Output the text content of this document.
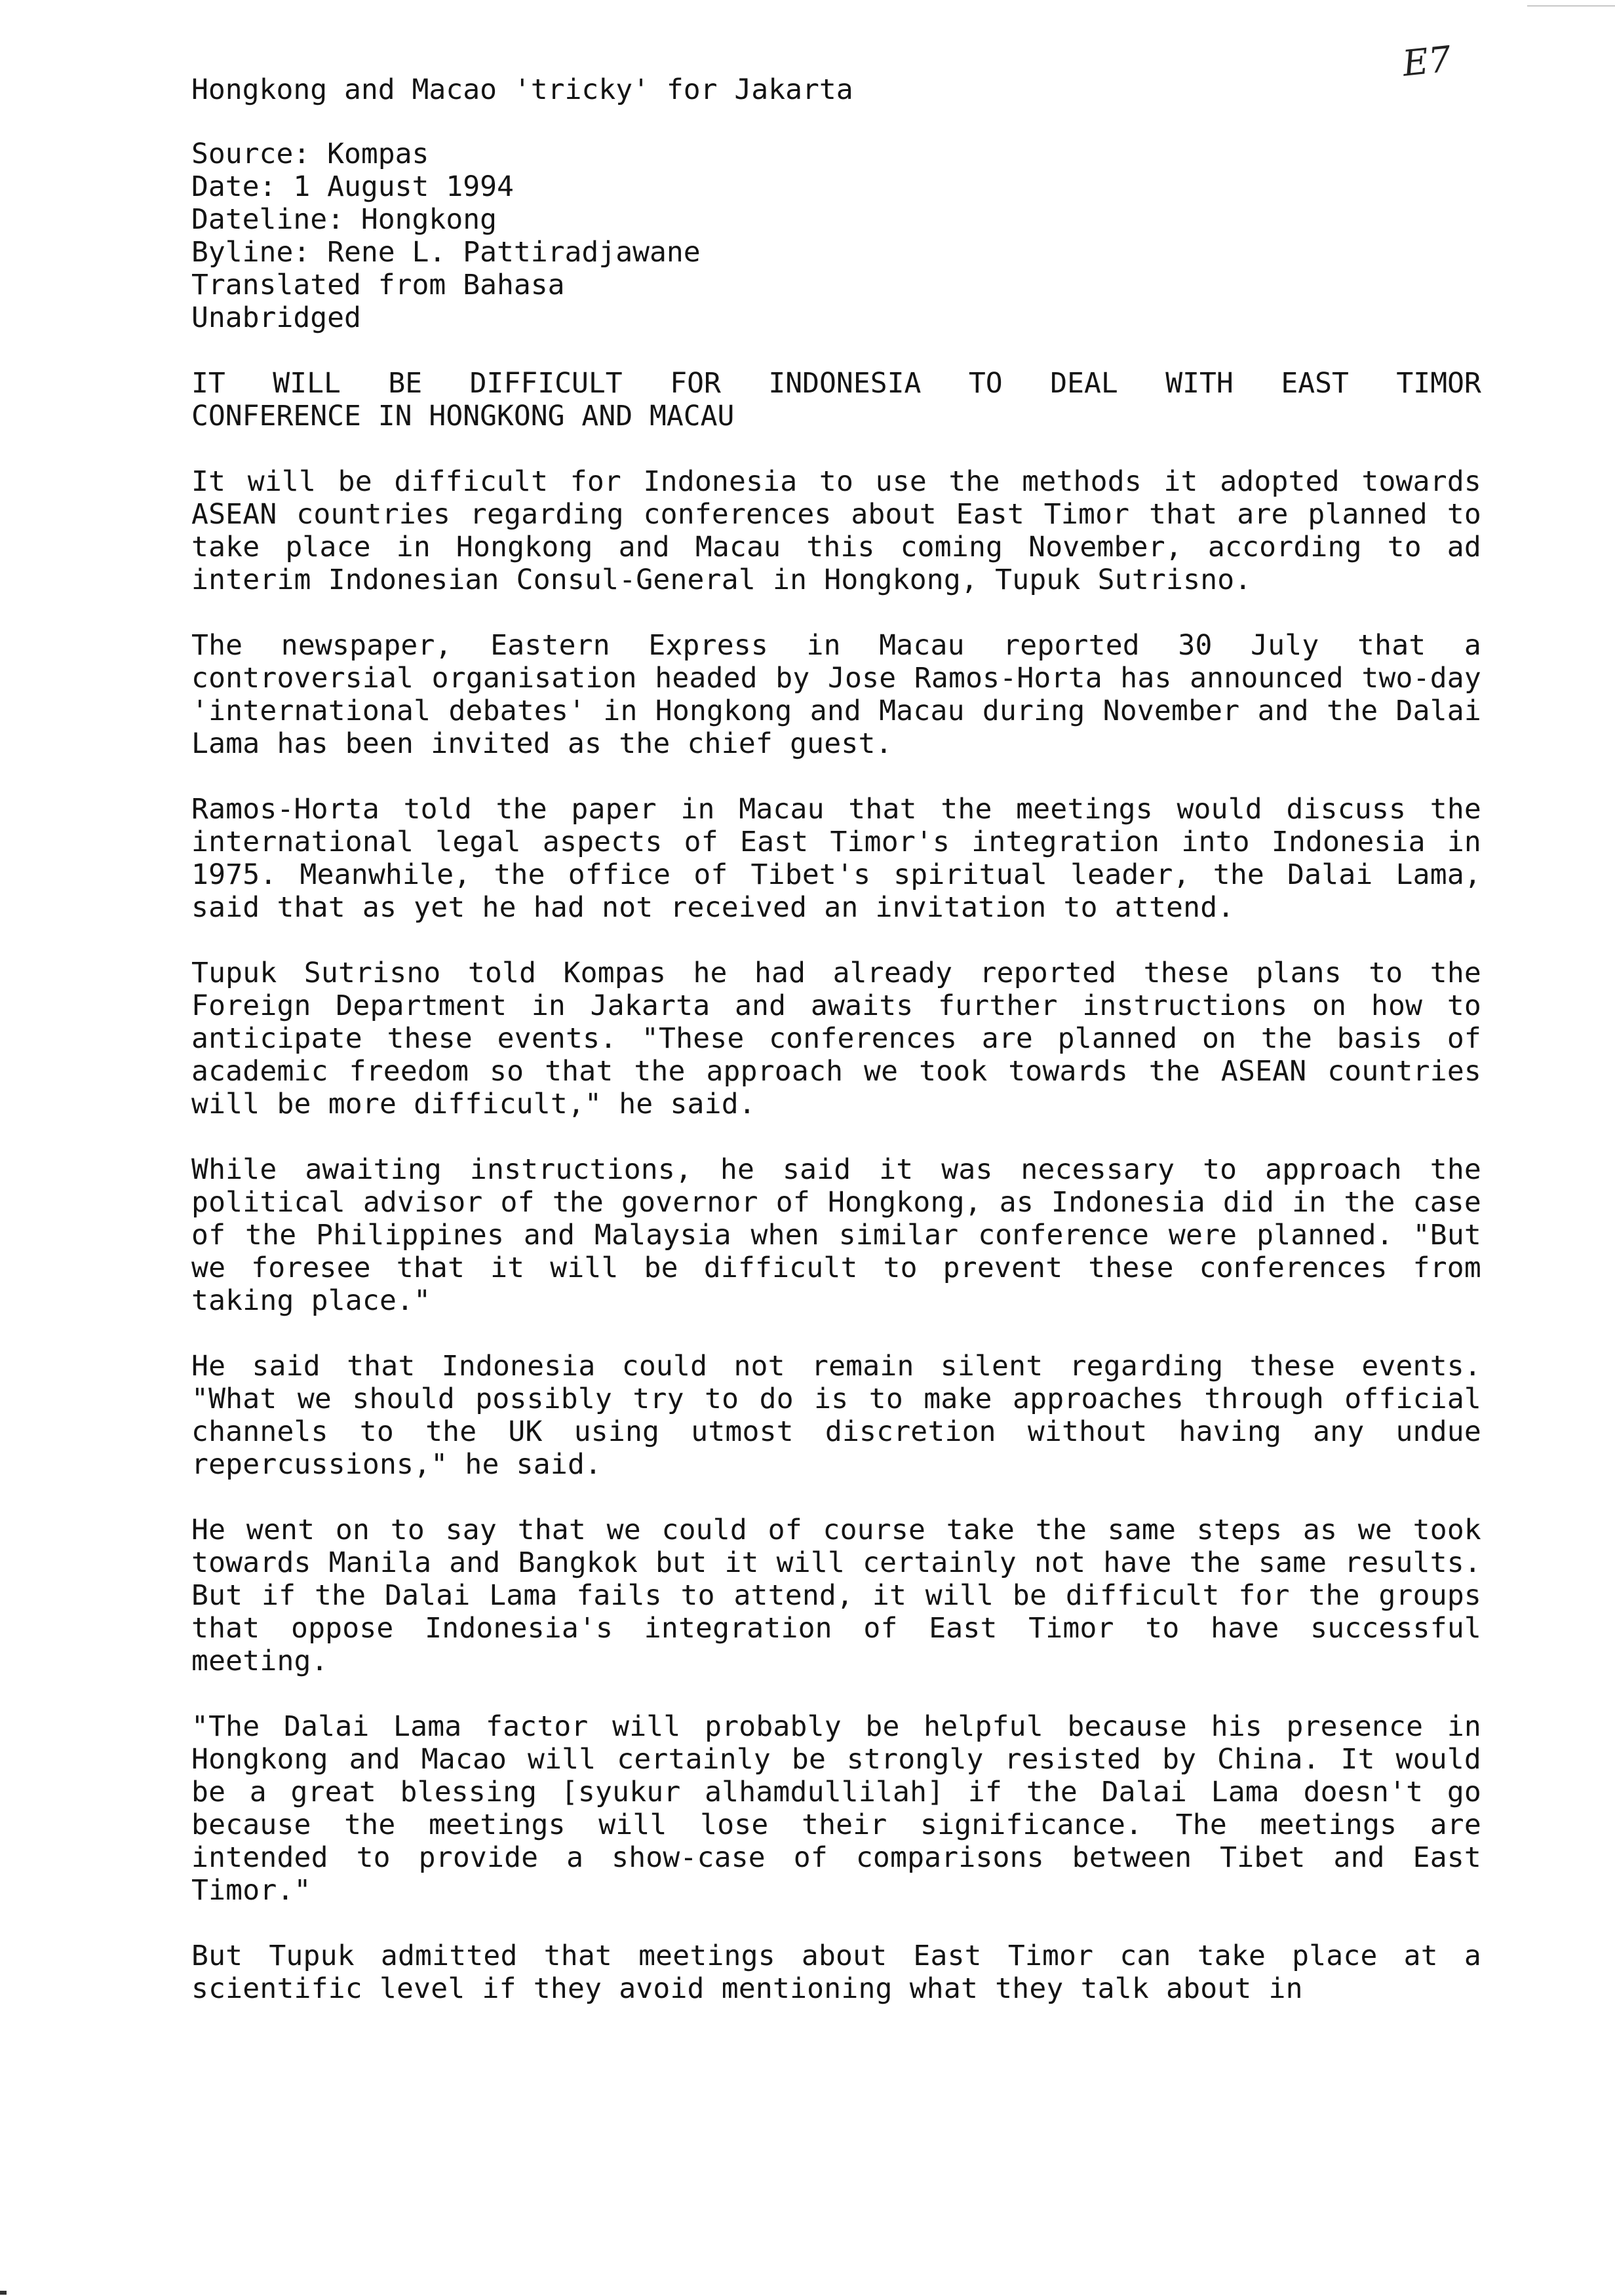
E7
Hongkong and Macao 'tricky' for Jakarta
Source: Kompas
Date: 1 August 1994
Dateline: Hongkong
Byline: Rene L. Pattiradjawane
Translated from Bahasa
Unabridged
IT WILL BE DIFFICULT FOR INDONESIA TO DEAL WITH EAST TIMOR
CONFERENCE IN HONGKONG AND MACAU

It will be difficult for Indonesia to use the methods it adopted towards ASEAN countries regarding conferences about East Timor that are planned to take place in Hongkong and Macau this coming November, according to ad interim Indonesian Consul-General in Hongkong, Tupuk Sutrisno.

The newspaper, Eastern Express in Macau reported 30 July that a controversial organisation headed by Jose Ramos-Horta has announced two-day 'international debates' in Hongkong and Macau during November and the Dalai Lama has been invited as the chief guest.

Ramos-Horta told the paper in Macau that the meetings would discuss the international legal aspects of East Timor's integration into Indonesia in 1975. Meanwhile, the office of Tibet's spiritual leader, the Dalai Lama, said that as yet he had not received an invitation to attend.

Tupuk Sutrisno told Kompas he had already reported these plans to the Foreign Department in Jakarta and awaits further instructions on how to anticipate these events. "These conferences are planned on the basis of academic freedom so that the approach we took towards the ASEAN countries will be more difficult," he said.

While awaiting instructions, he said it was necessary to approach the political advisor of the governor of Hongkong, as Indonesia did in the case of the Philippines and Malaysia when similar conference were planned. "But we foresee that it will be difficult to prevent these conferences from taking place."

He said that Indonesia could not remain silent regarding these events. "What we should possibly try to do is to make approaches through official channels to the UK using utmost discretion without having any undue repercussions," he said.

He went on to say that we could of course take the same steps as we took towards Manila and Bangkok but it will certainly not have the same results. But if the Dalai Lama fails to attend, it will be difficult for the groups that oppose Indonesia's integration of East Timor to have successful meeting.

"The Dalai Lama factor will probably be helpful because his presence in Hongkong and Macao will certainly be strongly resisted by China. It would be a great blessing [syukur alhamdullilah] if the Dalai Lama doesn't go because the meetings will lose their significance. The meetings are intended to provide a show-case of comparisons between Tibet and East Timor."

But Tupuk admitted that meetings about East Timor can take place at a scientific level if they avoid mentioning what they talk about in
